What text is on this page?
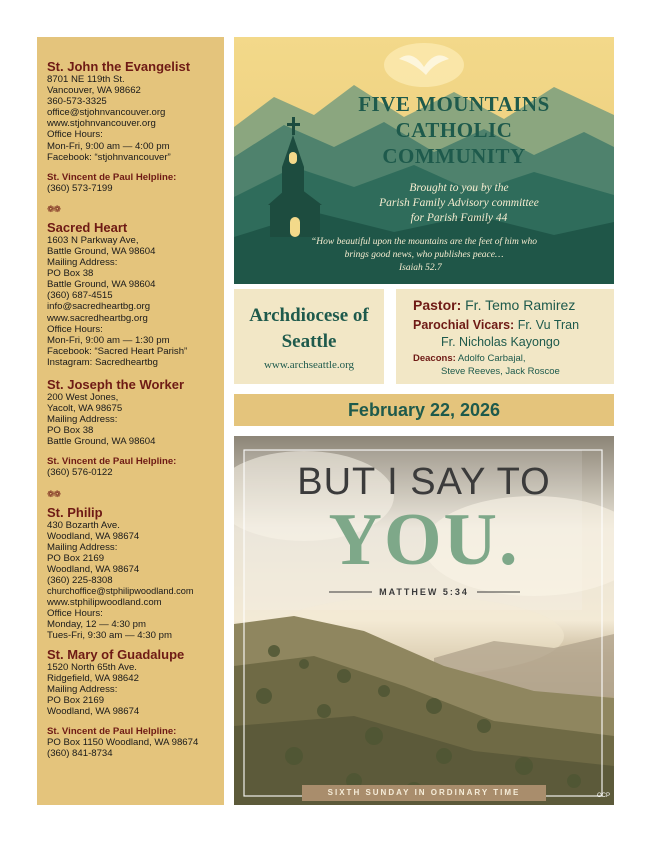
St. John the Evangelist

8701 NE 119th St.

Vancouver, WA 98662

360-573-3325

office@stjohnvancouver.org

www.stjohnvancouver.org

Office Hours:

Mon-Fri, 9:00 am — 4:00 pm

Facebook: “stjohnvancouver”

St. Vincent de Paul Helpline:

(360) 573-7199

❁❁

Sacred Heart

1603 N Parkway Ave,

Battle Ground, WA 98604

Mailing Address:

PO Box 38

Battle Ground, WA 98604

(360) 687-4515

info@sacredheartbg.org

www.sacredheartbg.org

Office Hours:

Mon-Fri, 9:00 am — 1:30 pm

Facebook: “Sacred Heart Parish”

Instagram: Sacredheartbg

St. Joseph the Worker

200 West Jones,

Yacolt, WA 98675

Mailing Address:

PO Box 38

Battle Ground, WA 98604

St. Vincent de Paul Helpline:

(360) 576-0122

❁❁

St. Philip

430 Bozarth Ave.

Woodland, WA 98674

Mailing Address:

PO Box 2169

Woodland, WA 98674

(360) 225-8308

churchoffice@stphilipwoodland.com

www.stphilipwoodland.com

Office Hours:

Monday, 12 — 4:30 pm

Tues-Fri, 9:30 am — 4:30 pm

St. Mary of Guadalupe

1520 North 65th Ave.

Ridgefield, WA 98642

Mailing Address:

PO Box 2169

Woodland, WA 98674

St. Vincent de Paul Helpline:

PO Box 1150 Woodland, WA 98674

(360) 841-8734

FIVE MOUNTAINS
CATHOLIC
COMMUNITY
Brought to you by the
Parish Family Advisory committee
for Parish Family 44
“How beautiful upon the mountains are the feet of him who
brings good news, who publishes peace…
Isaiah 52.7
Archdiocese of
Seattle
www.archseattle.org
Pastor: Fr. Temo Ramirez
Parochial Vicars: Fr. Vu Tran
Fr. Nicholas Kayongo
Deacons: Adolfo Carbajal,
Steve Reeves, Jack Roscoe
February 22, 2026
BUT I SAY TO
YOU.
MATTHEW 5:34
SIXTH SUNDAY IN ORDINARY TIME	OCP
